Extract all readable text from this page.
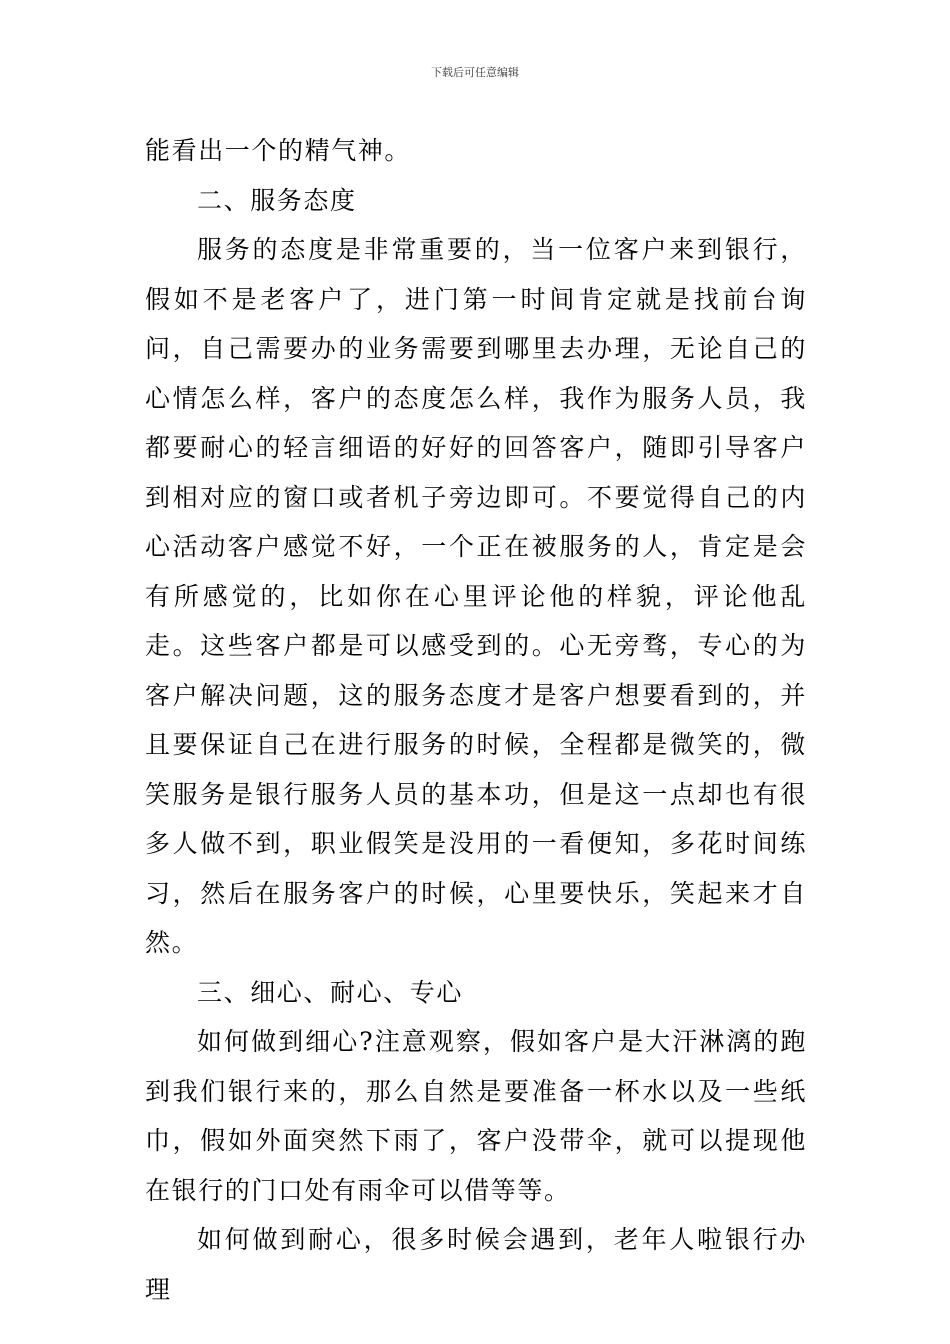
下载后可任意编辑

能看出一个的精气神。

二、服务态度

服务的态度是非常重要的，当一位客户来到银行，假如不是老客户了，进门第一时间肯定就是找前台询问，自己需要办的业务需要到哪里去办理，无论自己的心情怎么样，客户的态度怎么样，我作为服务人员，我都要耐心的轻言细语的好好的回答客户，随即引导客户到相对应的窗口或者机子旁边即可。不要觉得自己的内心活动客户感觉不好，一个正在被服务的人，肯定是会有所感觉的，比如你在心里评论他的样貌，评论他乱走。这些客户都是可以感受到的。心无旁骛，专心的为客户解决问题，这的服务态度才是客户想要看到的，并且要保证自己在进行服务的时候，全程都是微笑的，微笑服务是银行服务人员的基本功，但是这一点却也有很多人做不到，职业假笑是没用的一看便知，多花时间练习，然后在服务客户的时候，心里要快乐，笑起来才自然。

三、细心、耐心、专心

如何做到细心?注意观察，假如客户是大汗淋漓的跑到我们银行来的，那么自然是要准备一杯水以及一些纸巾，假如外面突然下雨了，客户没带伞，就可以提现他在银行的门口处有雨伞可以借等等。

如何做到耐心，很多时候会遇到，老年人啦银行办理
